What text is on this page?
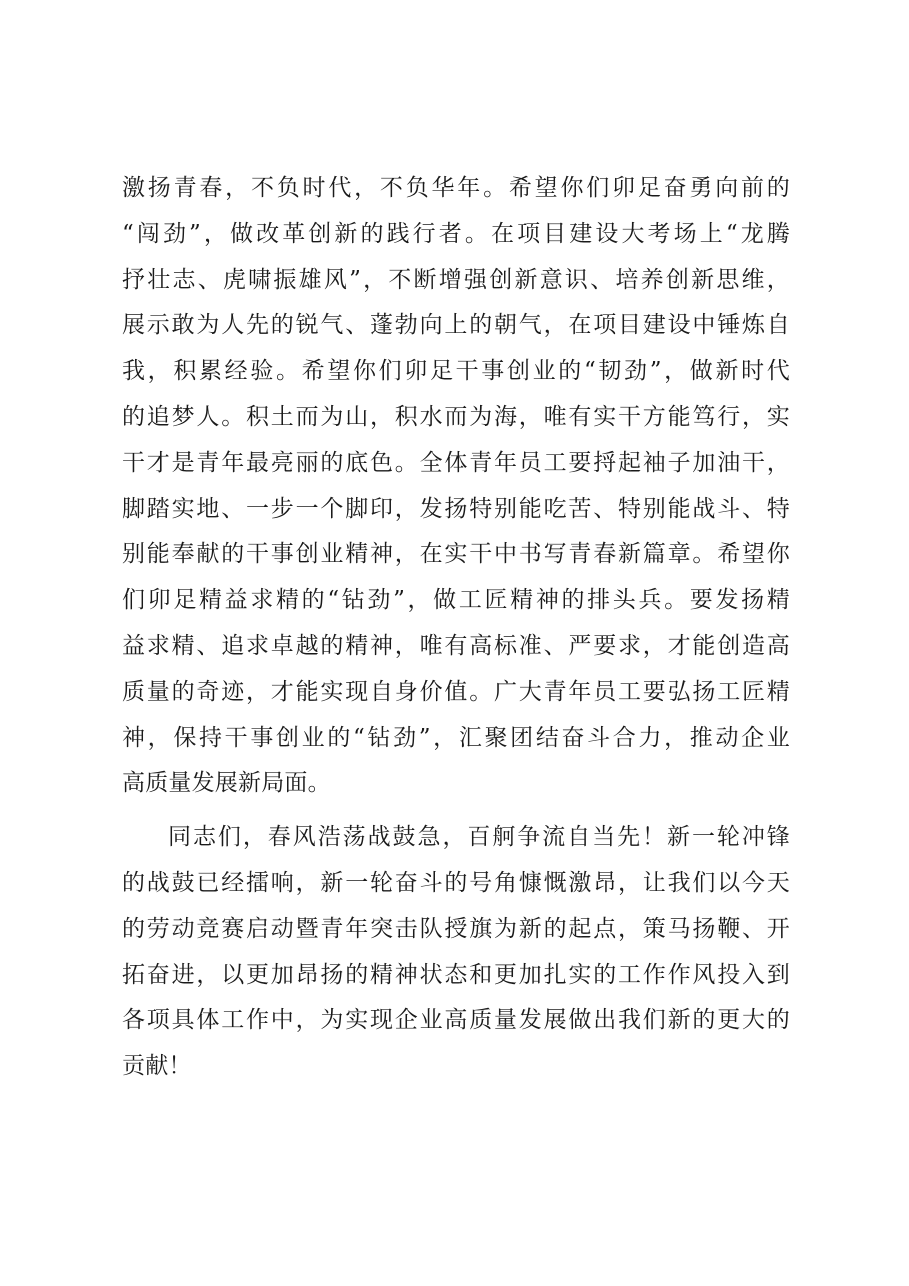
激扬青春，不负时代，不负华年。希望你们卯足奋勇向前的
“闯劲”，做改革创新的践行者。在项目建设大考场上“龙腾
抒壮志、虎啸振雄风”，不断增强创新意识、培养创新思维，
展示敢为人先的锐气、蓬勃向上的朝气，在项目建设中锤炼自
我，积累经验。希望你们卯足干事创业的“韧劲”，做新时代
的追梦人。积土而为山，积水而为海，唯有实干方能笃行，实
干才是青年最亮丽的底色。全体青年员工要捋起袖子加油干，
脚踏实地、一步一个脚印，发扬特别能吃苦、特别能战斗、特
别能奉献的干事创业精神，在实干中书写青春新篇章。希望你
们卯足精益求精的“钻劲”，做工匠精神的排头兵。要发扬精
益求精、追求卓越的精神，唯有高标准、严要求，才能创造高
质量的奇迹，才能实现自身价值。广大青年员工要弘扬工匠精
神，保持干事创业的“钻劲”，汇聚团结奋斗合力，推动企业
高质量发展新局面。
同志们，春风浩荡战鼓急，百舸争流自当先！新一轮冲锋
的战鼓已经擂响，新一轮奋斗的号角慷慨激昂，让我们以今天
的劳动竞赛启动暨青年突击队授旗为新的起点，策马扬鞭、开
拓奋进，以更加昂扬的精神状态和更加扎实的工作作风投入到
各项具体工作中，为实现企业高质量发展做出我们新的更大的
贡献！
